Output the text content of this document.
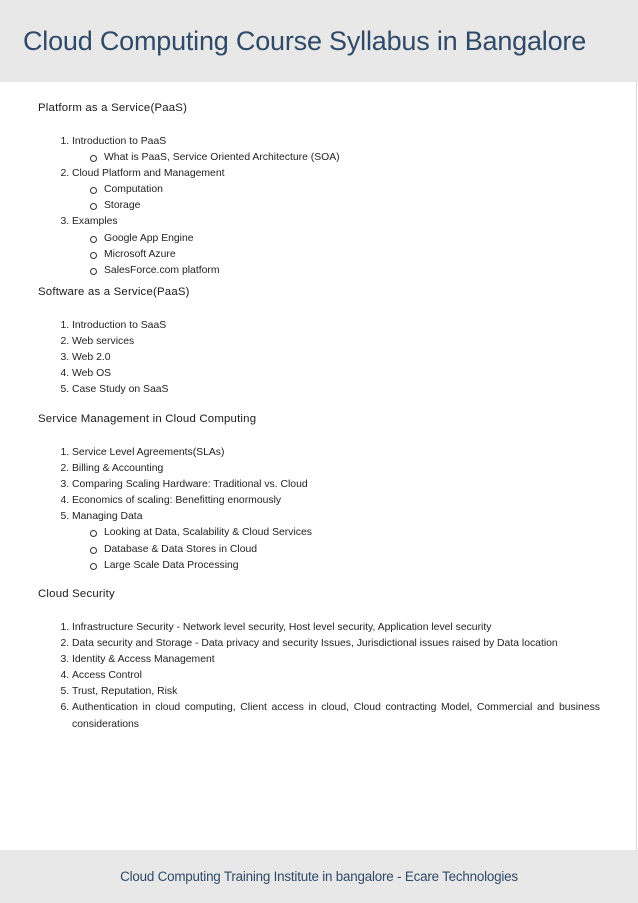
Cloud Computing Course Syllabus in Bangalore
Platform as a Service(PaaS)
1. Introduction to PaaS
What is PaaS, Service Oriented Architecture (SOA)
2. Cloud Platform and Management
Computation
Storage
3. Examples
Google App Engine
Microsoft Azure
SalesForce.com platform
Software as a Service(PaaS)
1. Introduction to SaaS
2. Web services
3. Web 2.0
4. Web OS
5. Case Study on SaaS
Service Management in Cloud Computing
1. Service Level Agreements(SLAs)
2. Billing & Accounting
3. Comparing Scaling Hardware: Traditional vs. Cloud
4. Economics of scaling: Benefitting enormously
5. Managing Data
Looking at Data, Scalability & Cloud Services
Database & Data Stores in Cloud
Large Scale Data Processing
Cloud Security
1. Infrastructure Security - Network level security, Host level security, Application level security
2. Data security and Storage - Data privacy and security Issues, Jurisdictional issues raised by Data location
3. Identity & Access Management
4. Access Control
5. Trust, Reputation, Risk
6. Authentication in cloud computing, Client access in cloud, Cloud contracting Model, Commercial and business considerations
Cloud Computing Training Institute in bangalore - Ecare Technologies
